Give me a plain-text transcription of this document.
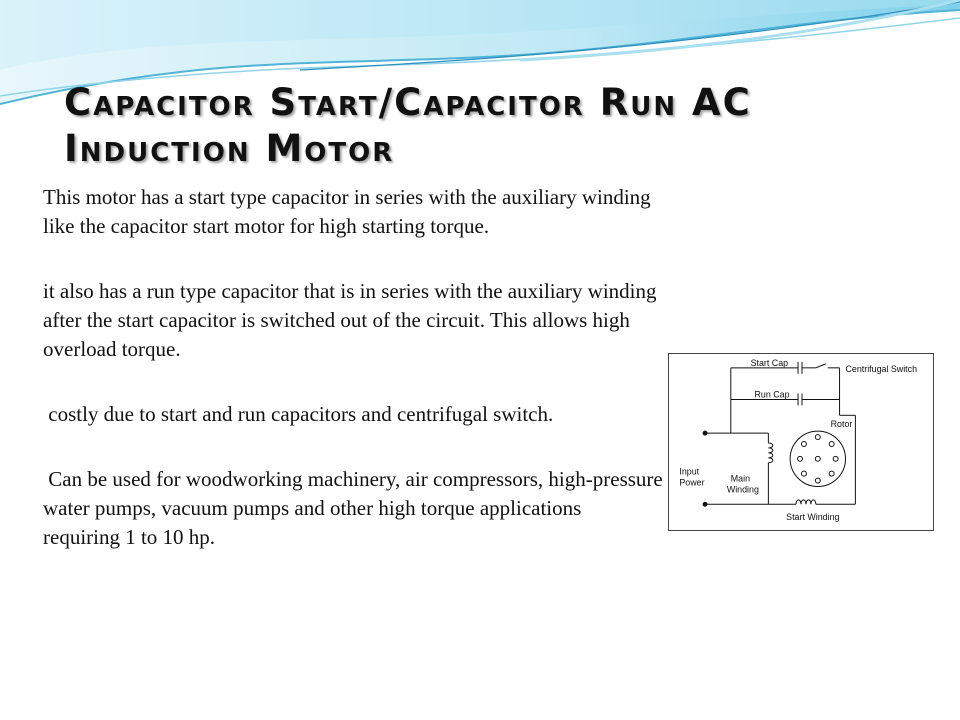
Capacitor Start/Capacitor Run AC Induction Motor

This motor has a start type capacitor in series with the auxiliary winding like the capacitor start motor for high starting torque.

it also has a run type capacitor that is in series with the auxiliary winding after the start capacitor is switched out of the circuit. This allows high overload torque.

costly due to start and run capacitors and centrifugal switch.

Can be used for woodworking machinery, air compressors, high-pressure water pumps, vacuum pumps and other high torque applications requiring 1 to 10 hp.

Start Cap
Centrifugal Switch
Run Cap
Rotor
Input
Power	Main
Winding
Start Winding
